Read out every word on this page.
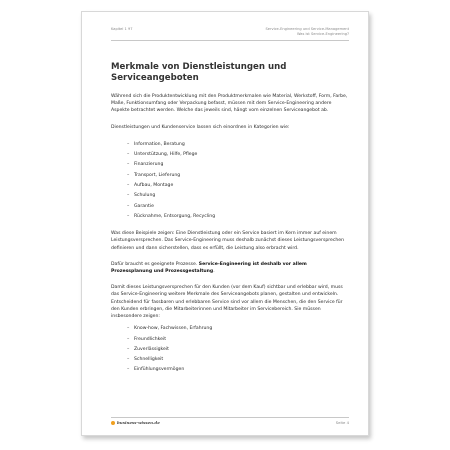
Kapitel 1 97	Service-Engineering und Service-Management
Was ist Service-Engineering?
Merkmale von Dienstleistungen und Serviceangeboten

Während sich die Produktentwicklung mit den Produktmerkmalen wie Material, Werkstoff, Form, Farbe, Maße, Funktionsumfang oder Verpackung befasst, müssen mit dem Service-Engineering andere Aspekte betrachtet werden. Welche das jeweils sind, hängt vom einzelnen Serviceangebot ab.

Dienstleistungen und Kundenservice lassen sich einordnen in Kategorien wie:

– Information, Beratung
– Unterstützung, Hilfe, Pflege
– Finanzierung
– Transport, Lieferung
– Aufbau, Montage
– Schulung
– Garantie
– Rücknahme, Entsorgung, Recycling

Was diese Beispiele zeigen: Eine Dienstleistung oder ein Service basiert im Kern immer auf einem Leistungsversprechen. Das Service-Engineering muss deshalb zunächst dieses Leistungsversprechen definieren und dann sicherstellen, dass es erfüllt, die Leistung also erbracht wird.

Dafür braucht es geeignete Prozesse. Service-Engineering ist deshalb vor allem Prozessplanung und Prozessgestaltung.

Damit dieses Leistungsversprechen für den Kunden (vor dem Kauf) sichtbar und erlebbar wird, muss das Service-Engineering weitere Merkmale des Serviceangebots planen, gestalten und entwickeln. Entscheidend für fassbaren und erlebbaren Service sind vor allem die Menschen, die den Service für den Kunden erbringen, die Mitarbeiterinnen und Mitarbeiter im Servicebereich. Sie müssen insbesondere zeigen:

– Know-how, Fachwissen, Erfahrung
– Freundlichkeit
– Zuverlässigkeit
– Schnelligkeit
– Einfühlungsvermögen
business-wissen.de	Seite 4
